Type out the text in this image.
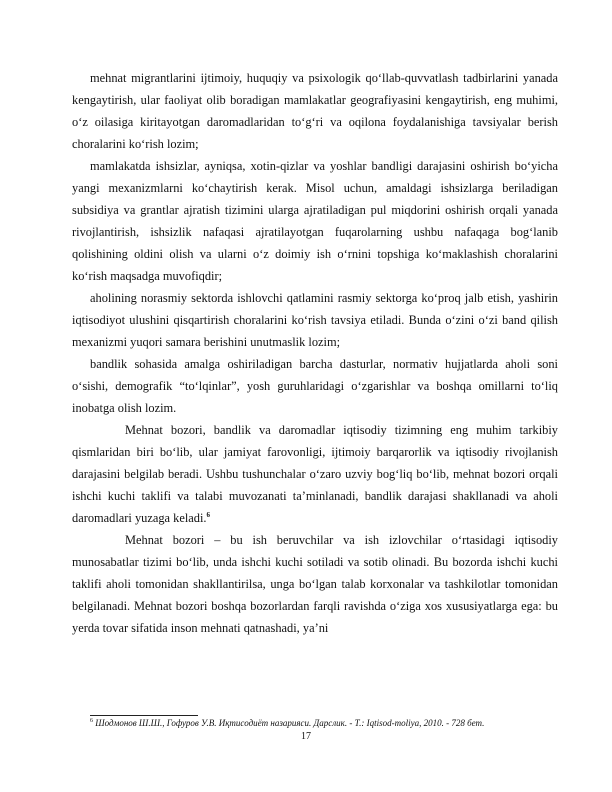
mehnat migrantlarini ijtimoiy, huquqiy va psixologik qo‘llab-quvvatlash tadbirlarini yanada kengaytirish, ular faoliyat olib boradigan mamlakatlar geografiyasini kengaytirish, eng muhimi, o‘z oilasiga kiritayotgan daromadlaridan to‘g‘ri va oqilona foydalanishiga tavsiyalar berish choralarini ko‘rish lozim;

mamlakatda ishsizlar, ayniqsa, xotin-qizlar va yoshlar bandligi darajasini oshirish bo‘yicha yangi mexanizmlarni ko‘chaytirish kerak. Misol uchun, amaldagi ishsizlarga beriladigan subsidiya va grantlar ajratish tizimini ularga ajratiladigan pul miqdorini oshirish orqali yanada rivojlantirish, ishsizlik nafaqasi ajratilayotgan fuqarolarning ushbu nafaqaga bog‘lanib qolishining oldini olish va ularni o‘z doimiy ish o‘rnini topshiga ko‘maklashish choralarini ko‘rish maqsadga muvofiqdir;

aholining norasmiy sektorda ishlovchi qatlamini rasmiy sektorga ko‘proq jalb etish, yashirin iqtisodiyot ulushini qisqartirish choralarini ko‘rish tavsiya etiladi. Bunda o‘zini o‘zi band qilish mexanizmi yuqori samara berishini unutmaslik lozim;

bandlik sohasida amalga oshiriladigan barcha dasturlar, normativ hujjatlarda aholi soni o‘sishi, demografik “to‘lqinlar”, yosh guruhlaridagi o‘zgarishlar va boshqa omillarni to‘liq inobatga olish lozim.

Mehnat bozori, bandlik va daromadlar iqtisodiy tizimning eng muhim tarkibiy qismlaridan biri bo‘lib, ular jamiyat farovonligi, ijtimoiy barqarorlik va iqtisodiy rivojlanish darajasini belgilab beradi. Ushbu tushunchalar o‘zaro uzviy bog‘liq bo‘lib, mehnat bozori orqali ishchi kuchi taklifi va talabi muvozanati ta’minlanadi, bandlik darajasi shakllanadi va aholi daromadlari yuzaga keladi.$^6$

Mehnat bozori – bu ish beruvchilar va ish izlovchilar o‘rtasidagi iqtisodiy munosabatlar tizimi bo‘lib, unda ishchi kuchi sotiladi va sotib olinadi. Bu bozorda ishchi kuchi taklifi aholi tomonidan shakllantirilsa, unga bo‘lgan talab korxonalar va tashkilotlar tomonidan belgilanadi. Mehnat bozori boshqa bozorlardan farqli ravishda o‘ziga xos xususiyatlarga ega: bu yerda tovar sifatida inson mehnati qatnashadi, ya’ni

$^6$ Шодмонов Ш.Ш., Гофуров У.В. Иқтисодиёт назарияси. Дарслик. - Т.: Iqtisod-moliya, 2010. - 728 бет.
17
